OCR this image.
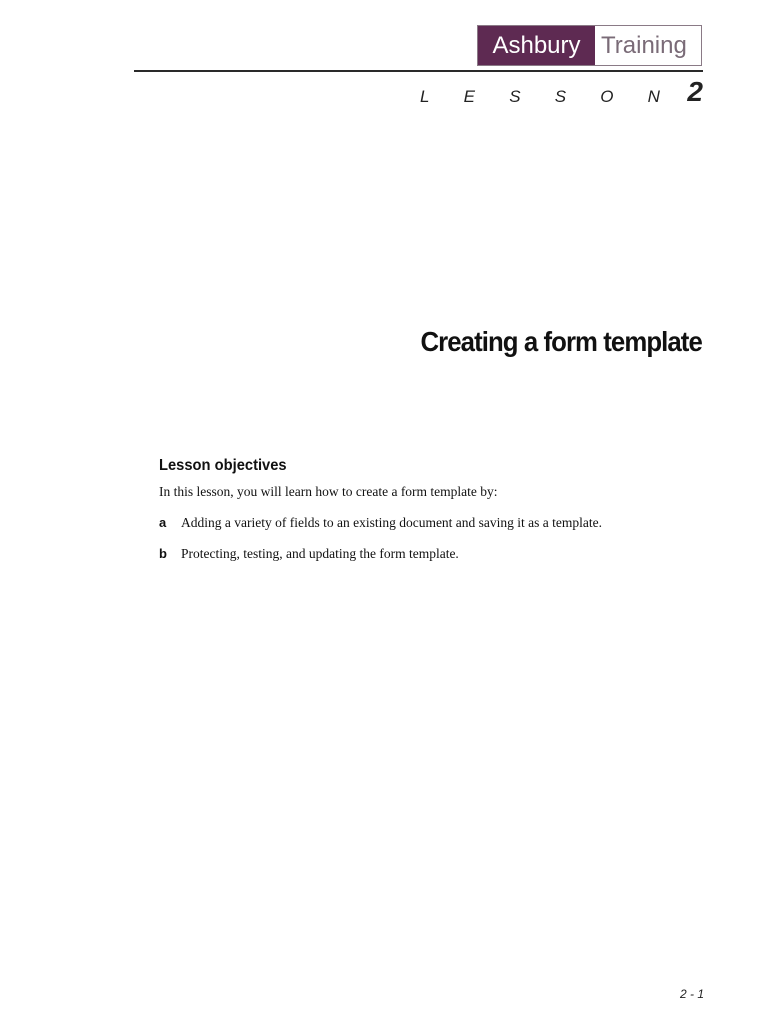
Ashbury Training
L E S S O N 2
Creating a form template
Lesson objectives
In this lesson, you will learn how to create a form template by:
a Adding a variety of fields to an existing document and saving it as a template.
b Protecting, testing, and updating the form template.
2 - 1
